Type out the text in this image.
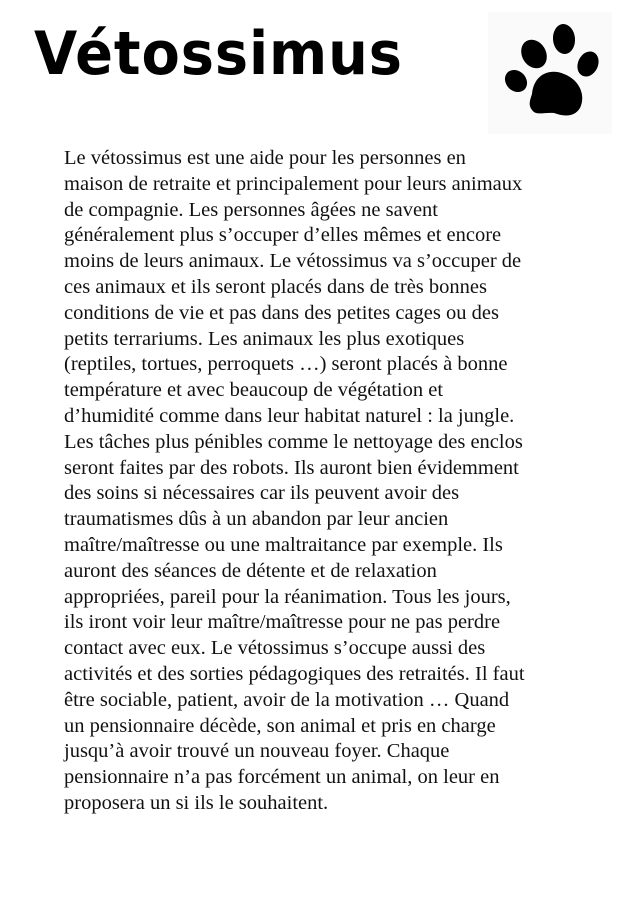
Vétossimus

Le vétossimus est une aide pour les personnes en
maison de retraite et principalement pour leurs animaux
de compagnie. Les personnes âgées ne savent
généralement plus s’occuper d’elles mêmes et encore
moins de leurs animaux. Le vétossimus va s’occuper de
ces animaux et ils seront placés dans de très bonnes
conditions de vie et pas dans des petites cages ou des
petits terrariums. Les animaux les plus exotiques
(reptiles, tortues, perroquets …) seront placés à bonne
température et avec beaucoup de végétation et
d’humidité comme dans leur habitat naturel : la jungle.
Les tâches plus pénibles comme le nettoyage des enclos
seront faites par des robots. Ils auront bien évidemment
des soins si nécessaires car ils peuvent avoir des
traumatismes dûs à un abandon par leur ancien
maître/maîtresse ou une maltraitance par exemple. Ils
auront des séances de détente et de relaxation
appropriées, pareil pour la réanimation. Tous les jours,
ils iront voir leur maître/maîtresse pour ne pas perdre
contact avec eux. Le vétossimus s’occupe aussi des
activités et des sorties pédagogiques des retraités. Il faut
être sociable, patient, avoir de la motivation … Quand
un pensionnaire décède, son animal et pris en charge
jusqu’à avoir trouvé un nouveau foyer. Chaque
pensionnaire n’a pas forcément un animal, on leur en
proposera un si ils le souhaitent.
